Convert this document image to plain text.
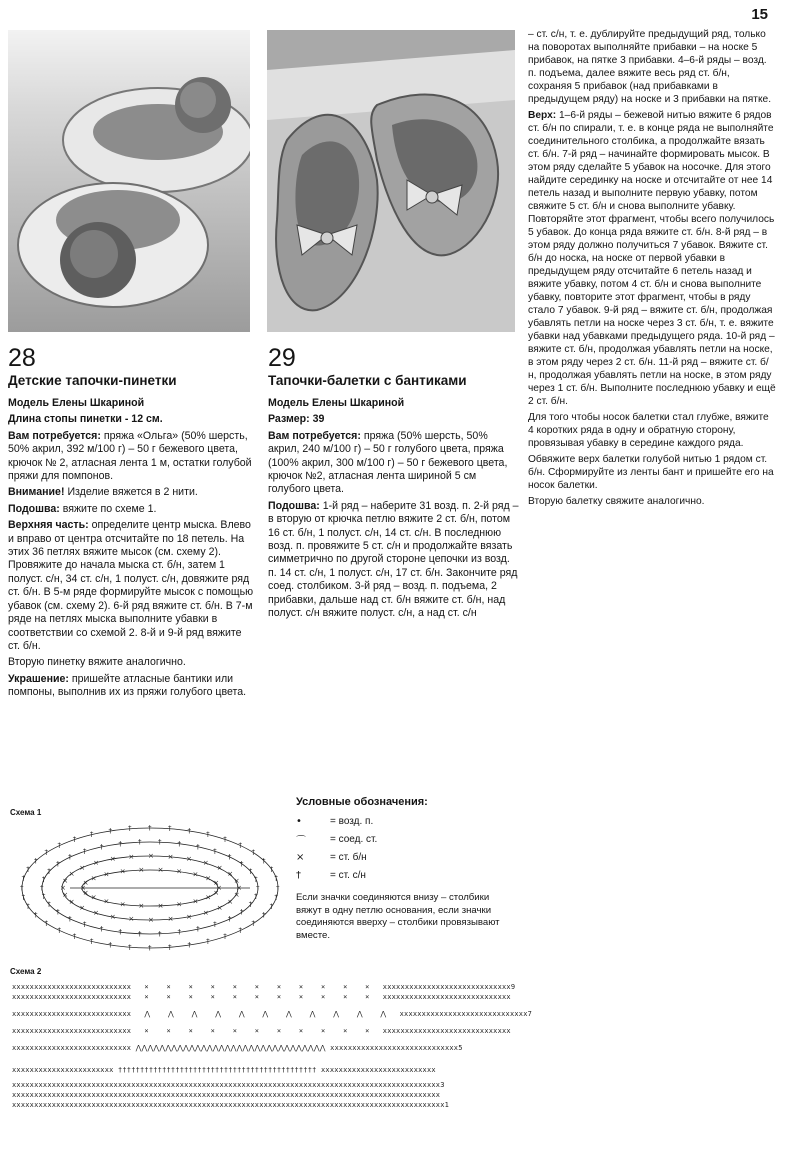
15
28
Детские тапочки-пинетки

Модель Елены Шкариной

Длина стопы пинетки - 12 см.

Вам потребуется: пряжа «Ольга» (50% шерсть, 50% акрил, 392 м/100 г) – 50 г бежевого цвета, крючок № 2, атласная лента 1 м, остатки голубой пряжи для помпонов.

Внимание! Изделие вяжется в 2 нити.

Подошва: вяжите по схеме 1.

Верхняя часть: определите центр мыска. Влево и вправо от центра отсчитайте по 18 петель. На этих 36 петлях вяжите мысок (см. схему 2). Провяжите до начала мыска ст. б/н, затем 1 полуст. с/н, 34 ст. с/н, 1 полуст. с/н, довяжите ряд ст. б/н. В 5-м ряде формируйте мысок с помощью убавок (см. схему 2). 6-й ряд вяжите ст. б/н. В 7-м ряде на петлях мыска выполните убавки в соответствии со схемой 2. 8-й и 9-й ряд вяжите ст. б/н.

Вторую пинетку вяжите аналогично.

Украшение: пришейте атласные бантики или помпоны, выполнив их из пряжи голубого цвета.

29
Тапочки-балетки с бантиками

Модель Елены Шкариной

Размер: 39

Вам потребуется: пряжа (50% шерсть, 50% акрил, 240 м/100 г) – 50 г голубого цвета, пряжа (100% акрил, 300 м/100 г) – 50 г бежевого цвета, крючок №2, атласная лента шириной 5 см голубого цвета.

Подошва: 1-й ряд – наберите 31 возд. п. 2-й ряд – в вторую от крючка петлю вяжите 2 ст. б/н, потом 16 ст. б/н, 1 полуст. с/н, 14 ст. с/н. В последнюю возд. п. провяжите 5 ст. с/н и продолжайте вязать симметрично по другой стороне цепочки из возд. п. 14 ст. с/н, 1 полуст. с/н, 17 ст. б/н. Закончите ряд соед. столбиком. 3-й ряд – возд. п. подъема, 2 прибавки, дальше над ст. б/н вяжите ст. б/н, над полуст. с/н вяжите полуст. с/н, а над ст. с/н

– ст. с/н, т. е. дублируйте предыдущий ряд, только на поворотах выполняйте прибавки – на носке 5 прибавок, на пятке 3 прибавки. 4–6-й ряды – возд. п. подъема, далее вяжите весь ряд ст. б/н, сохраняя 5 прибавок (над прибавками в предыдущем ряду) на носке и 3 прибавки на пятке.

Верх: 1–6-й ряды – бежевой нитью вяжите 6 рядов ст. б/н по спирали, т. е. в конце ряда не выполняйте соединительного столбика, а продолжайте вязать ст. б/н. 7-й ряд – начинайте формировать мысок. В этом ряду сделайте 5 убавок на носочке. Для этого найдите серединку на носке и отсчитайте от нее 14 петель назад и выполните первую убавку, потом свяжите 5 ст. б/н и снова выполните убавку. Повторяйте этот фрагмент, чтобы всего получилось 5 убавок. До конца ряда вяжите ст. б/н. 8-й ряд – в этом ряду должно получиться 7 убавок. Вяжите ст. б/н до носка, на носке от первой убавки в предыдущем ряду отсчитайте 6 петель назад и вяжите убавку, потом 4 ст. б/н и снова выполните убавку, повторите этот фрагмент, чтобы в ряду стало 7 убавок. 9-й ряд – вяжите ст. б/н, продолжая убавлять петли на носке через 3 ст. б/н, т. е. вяжите убавки над убавками предыдущего ряда. 10-й ряд – вяжите ст. б/н, продолжая убавлять петли на носке, в этом ряду через 2 ст. б/н. 11-й ряд – вяжите ст. б/н, продолжая убавлять петли на носке, в этом ряду через 1 ст. б/н. Выполните последнюю убавку и ещё 2 ст. б/н.

Для того чтобы носок балетки стал глубже, вяжите 4 коротких ряда в одну и обратную сторону, провязывая убавку в середине каждого ряда.

Обвяжите верх балетки голубой нитью 1 рядом ст. б/н. Сформируйте из ленты бант и пришейте его на носок балетки.

Вторую балетку свяжите аналогично.

Условные обозначения:
•	= возд. п.
⌒	= соед. ст.
×	= ст. б/н
†	= ст. с/н
Если значки соединяются внизу – столбики вяжут в одну петлю основания, если значки соединяются вверху – столбики провязывают вместе.
Схема 1
†
†
†
†
†
†
†
†
†
†
†
†
†
†
†
†
†
†
†
†
†
†
†
†
†
†
†
† † † † † † †
†
†
†
†
†
†
†
†
†
†
†
†
†
†
†
†
†
†
†
†
†
†
†
†
†
†
†
†
†
† † † † † †
†
†
†
†
†
×
×
×
×
×
×
×
×
×
×
×
×
×
×
×
×
×
×
× × × × × × ×
×
×
×
×
×
×
×
×
×
×
×
×
×
×
×
×
× × × × × × × ×
×
Схема 2
xxxxxxxxxxxxxxxxxxxxxxxxxxx   ×    ×    ×    ×    ×    ×    ×    ×    ×    ×    ×   xxxxxxxxxxxxxxxxxxxxxxxxxxxxx9
xxxxxxxxxxxxxxxxxxxxxxxxxxx   ×    ×    ×    ×    ×    ×    ×    ×    ×    ×    ×   xxxxxxxxxxxxxxxxxxxxxxxxxxxxx
xxxxxxxxxxxxxxxxxxxxxxxxxxx   ⋀    ⋀    ⋀    ⋀    ⋀    ⋀    ⋀    ⋀    ⋀    ⋀    ⋀   xxxxxxxxxxxxxxxxxxxxxxxxxxxxx7
xxxxxxxxxxxxxxxxxxxxxxxxxxx   ×    ×    ×    ×    ×    ×    ×    ×    ×    ×    ×   xxxxxxxxxxxxxxxxxxxxxxxxxxxxx
xxxxxxxxxxxxxxxxxxxxxxxxxxx ⋀⋀⋀⋀⋀⋀⋀⋀⋀⋀⋀⋀⋀⋀⋀⋀⋀⋀⋀⋀⋀⋀⋀⋀⋀⋀⋀⋀⋀⋀⋀⋀ xxxxxxxxxxxxxxxxxxxxxxxxxxxxx5
xxxxxxxxxxxxxxxxxxxxxxx ††††††††††††††††††††††††††††††††††††††††††††† xxxxxxxxxxxxxxxxxxxxxxxxxx
xxxxxxxxxxxxxxxxxxxxxxxxxxxxxxxxxxxxxxxxxxxxxxxxxxxxxxxxxxxxxxxxxxxxxxxxxxxxxxxxxxxxxxxxxxxxxxxxx3
xxxxxxxxxxxxxxxxxxxxxxxxxxxxxxxxxxxxxxxxxxxxxxxxxxxxxxxxxxxxxxxxxxxxxxxxxxxxxxxxxxxxxxxxxxxxxxxxx
xxxxxxxxxxxxxxxxxxxxxxxxxxxxxxxxxxxxxxxxxxxxxxxxxxxxxxxxxxxxxxxxxxxxxxxxxxxxxxxxxxxxxxxxxxxxxxxxxx1
